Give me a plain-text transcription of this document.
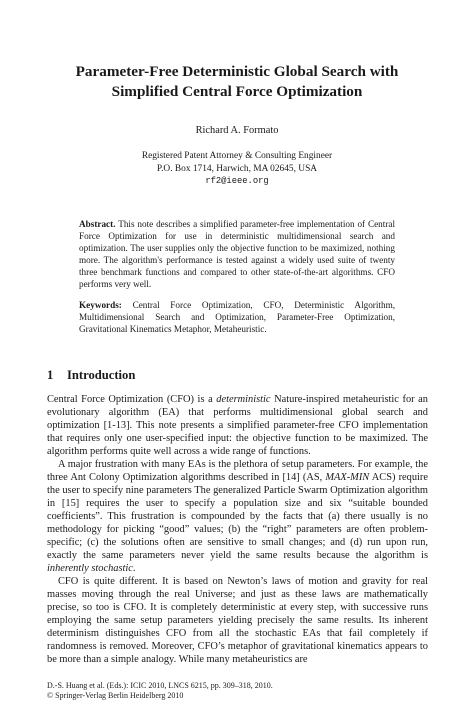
Parameter-Free Deterministic Global Search with
Simplified Central Force Optimization
Richard A. Formato
Registered Patent Attorney & Consulting Engineer
P.O. Box 1714, Harwich, MA 02645, USA
rf2@ieee.org
Abstract. This note describes a simplified parameter-free implementation of Central Force Optimization for use in deterministic multidimensional search and optimization. The user supplies only the objective function to be maximized, nothing more. The algorithm's performance is tested against a widely used suite of twenty three benchmark functions and compared to other state-of-the-art algorithms. CFO performs very well.
Keywords: Central Force Optimization, CFO, Deterministic Algorithm, Multidimensional Search and Optimization, Parameter-Free Optimization, Gravitational Kinematics Metaphor, Metaheuristic.
1 Introduction

Central Force Optimization (CFO) is a deterministic Nature-inspired metaheuristic for an evolutionary algorithm (EA) that performs multidimensional global search and optimization [1-13]. This note presents a simplified parameter-free CFO implementation that requires only one user-specified input: the objective function to be maximized. The algorithm performs quite well across a wide range of functions.

A major frustration with many EAs is the plethora of setup parameters. For example, the three Ant Colony Optimization algorithms described in [14] (AS, MAX-MIN ACS) require the user to specify nine parameters The generalized Particle Swarm Optimization algorithm in [15] requires the user to specify a population size and six “suitable bounded coefficients”. This frustration is compounded by the facts that (a) there usually is no methodology for picking “good” values; (b) the “right” parameters are often problem-specific; (c) the solutions often are sensitive to small changes; and (d) run upon run, exactly the same parameters never yield the same results because the algorithm is inherently stochastic.

CFO is quite different. It is based on Newton’s laws of motion and gravity for real masses moving through the real Universe; and just as these laws are mathematically precise, so too is CFO. It is completely deterministic at every step, with successive runs employing the same setup parameters yielding precisely the same results. Its inherent determinism distinguishes CFO from all the stochastic EAs that fail completely if randomness is removed. Moreover, CFO’s metaphor of gravitational kinematics appears to be more than a simple analogy. While many metaheuristics are

D.-S. Huang et al. (Eds.): ICIC 2010, LNCS 6215, pp. 309–318, 2010.
© Springer-Verlag Berlin Heidelberg 2010
